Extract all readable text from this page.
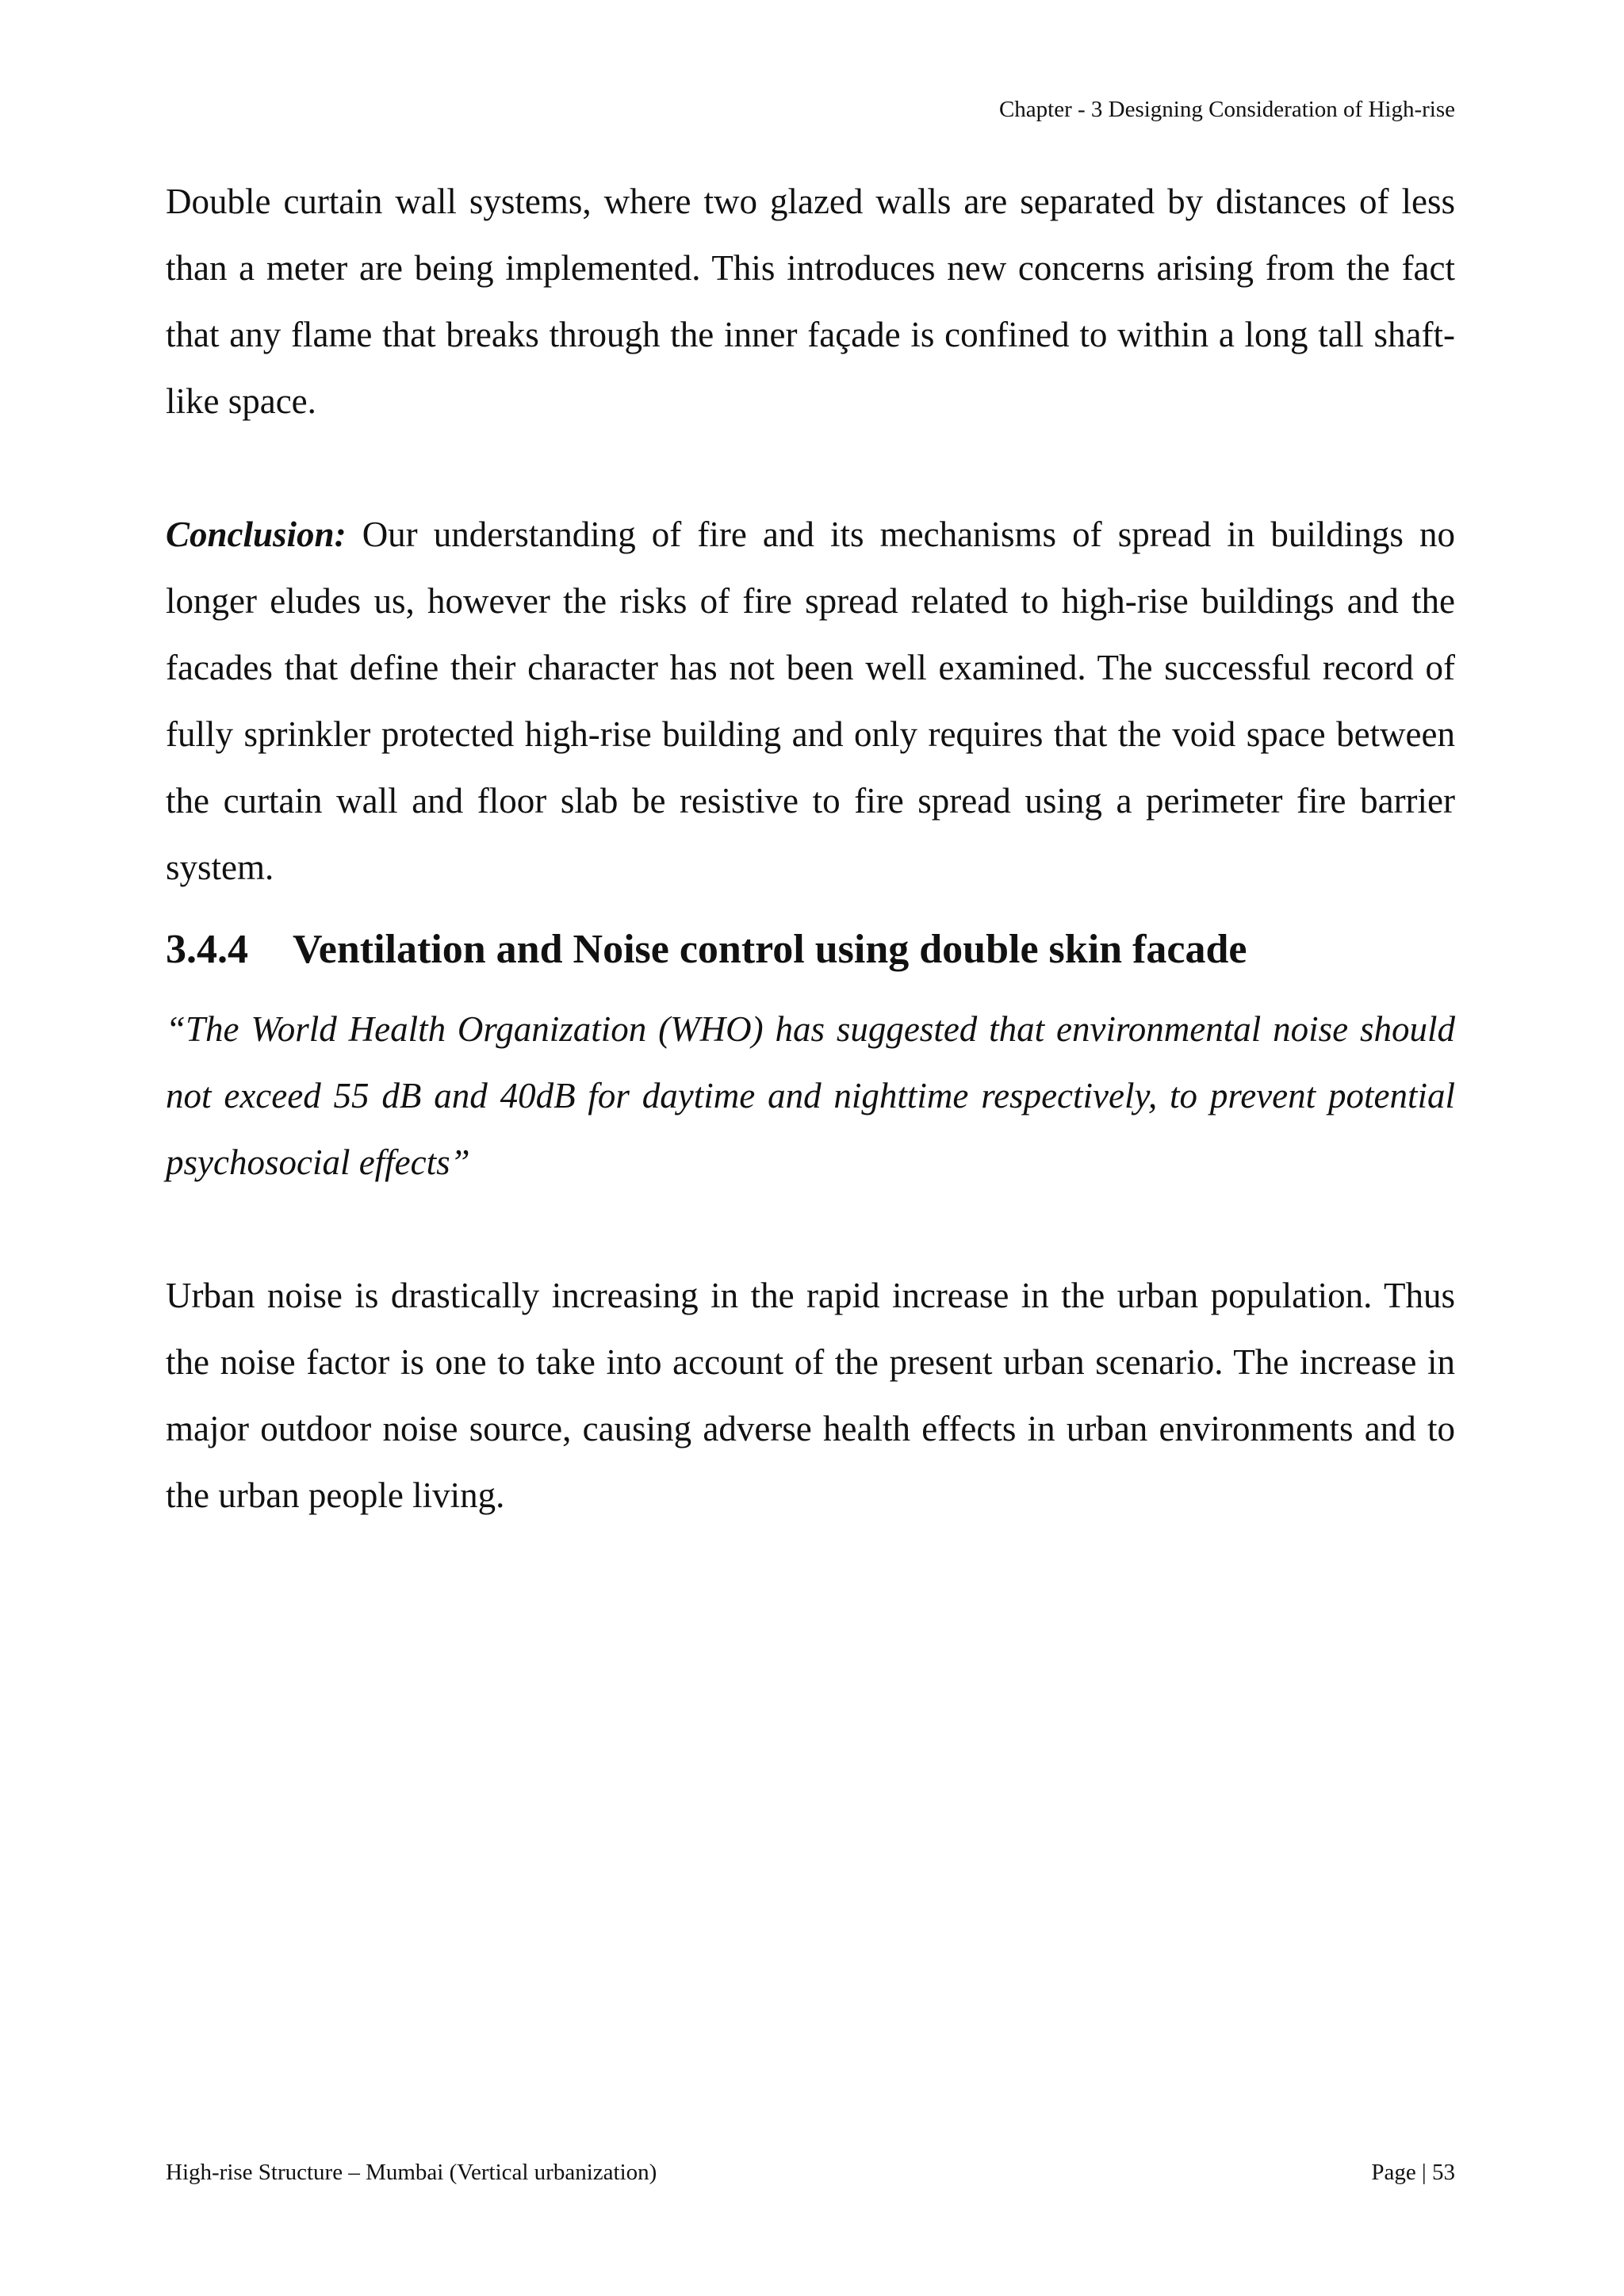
Chapter - 3 Designing Consideration of High-rise

Double curtain wall systems, where two glazed walls are separated by distances of less than a meter are being implemented. This introduces new concerns arising from the fact that any flame that breaks through the inner façade is confined to within a long tall shaft-like space.

Conclusion: Our understanding of fire and its mechanisms of spread in buildings no longer eludes us, however the risks of fire spread related to high-rise buildings and the facades that define their character has not been well examined. The successful record of fully sprinkler protected high-rise building and only requires that the void space between the curtain wall and floor slab be resistive to fire spread using a perimeter fire barrier system.

3.4.4 Ventilation and Noise control using double skin facade

“The World Health Organization (WHO) has suggested that environmental noise should not exceed 55 dB and 40dB for daytime and nighttime respectively, to prevent potential psychosocial effects”

Urban noise is drastically increasing in the rapid increase in the urban population. Thus the noise factor is one to take into account of the present urban scenario. The increase in major outdoor noise source, causing adverse health effects in urban environments and to the urban people living.

High-rise Structure – Mumbai (Vertical urbanization)	Page | 53
